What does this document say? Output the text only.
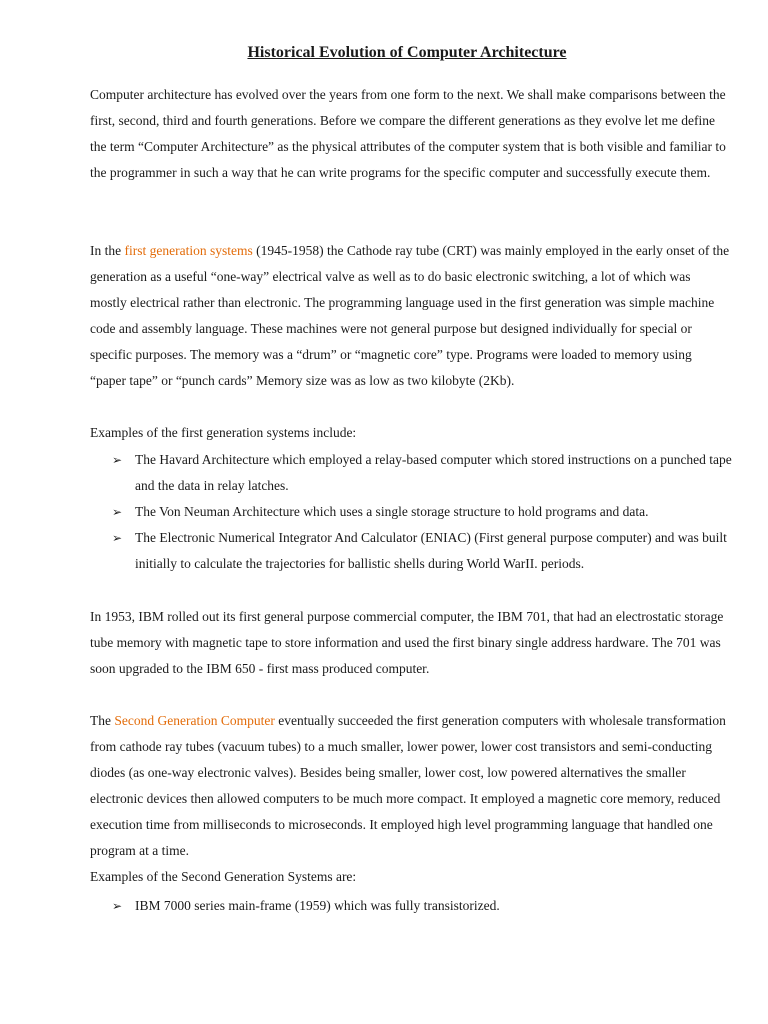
Historical Evolution of Computer Architecture

Computer architecture has evolved over the years from one form to the next. We shall make comparisons between the first, second, third and fourth generations. Before we compare the different generations as they evolve let me define the term “Computer Architecture” as the physical attributes of the computer system that is both visible and familiar to the programmer in such a way that he can write programs for the specific computer and successfully execute them.

In the first generation systems (1945-1958) the Cathode ray tube (CRT) was mainly employed in the early onset of the generation as a useful “one-way” electrical valve as well as to do basic electronic switching, a lot of which was mostly electrical rather than electronic. The programming language used in the first generation was simple machine code and assembly language. These machines were not general purpose but designed individually for special or specific purposes. The memory was a “drum” or “magnetic core” type. Programs were loaded to memory using “paper tape” or “punch cards” Memory size was as low as two kilobyte (2Kb).

Examples of the first generation systems include:

➢ The Havard Architecture which employed a relay-based computer which stored instructions on a punched tape and the data in relay latches.
➢ The Von Neuman Architecture which uses a single storage structure to hold programs and data.
➢ The Electronic Numerical Integrator And Calculator (ENIAC) (First general purpose computer) and was built initially to calculate the trajectories for ballistic shells during World WarII. periods.

In 1953, IBM rolled out its first general purpose commercial computer, the IBM 701, that had an electrostatic storage tube memory with magnetic tape to store information and used the first binary single address hardware. The 701 was soon upgraded to the IBM 650 - first mass produced computer.

The Second Generation Computer eventually succeeded the first generation computers with wholesale transformation from cathode ray tubes (vacuum tubes) to a much smaller, lower power, lower cost transistors and semi-conducting diodes (as one-way electronic valves). Besides being smaller, lower cost, low powered alternatives the smaller electronic devices then allowed computers to be much more compact. It employed a magnetic core memory, reduced execution time from milliseconds to microseconds. It employed high level programming language that handled one program at a time.

Examples of the Second Generation Systems are:

➢ IBM 7000 series main-frame (1959) which was fully transistorized.
